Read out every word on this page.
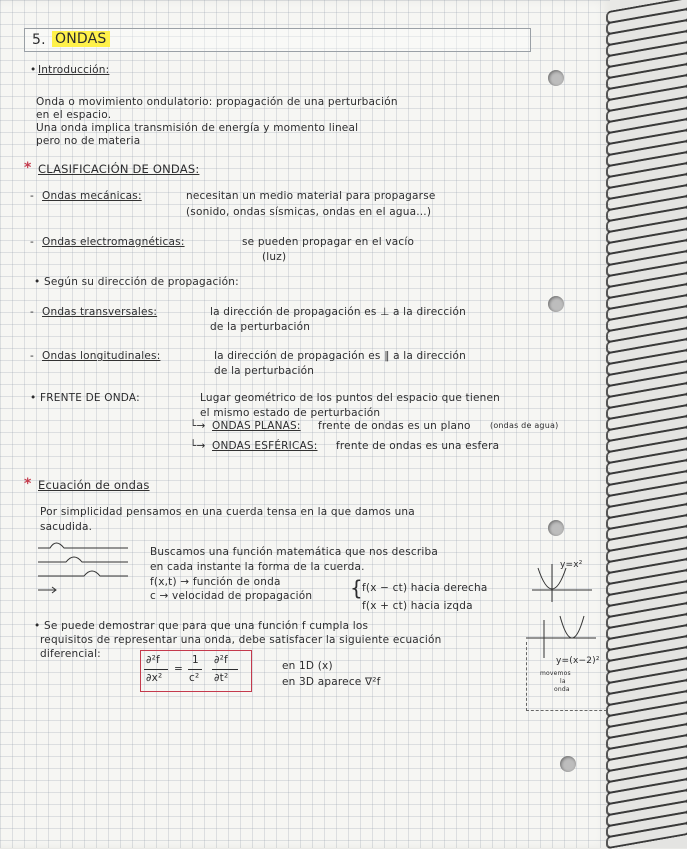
5. ONDAS
• Introducción:
Onda o movimiento ondulatorio: propagación de una perturbación
en el espacio.
Una onda implica transmisión de energía y momento lineal
pero no de materia
* CLASIFICACIÓN DE ONDAS:
- Ondas mecánicas:	necesitan un medio material para propagarse
(sonido, ondas sísmicas, ondas en el agua...)
- Ondas electromagnéticas:	se pueden propagar en el vacío
(luz)
• Según su dirección de propagación:
- Ondas transversales:	la dirección de propagación es ⊥ a la dirección
de la perturbación
- Ondas longitudinales:	la dirección de propagación es ∥ a la dirección
de la perturbación
• FRENTE DE ONDA:	Lugar geométrico de los puntos del espacio que tienen
el mismo estado de perturbación
└→ ONDAS PLANAS: frente de ondas es un plano (ondas de agua)
└→ ONDAS ESFÉRICAS: frente de ondas es una esfera
* Ecuación de ondas
Por simplicidad pensamos en una cuerda tensa en la que damos una
sacudida.
Buscamos una función matemática que nos describa
en cada instante la forma de la cuerda.
f(x,t) → función de onda
c → velocidad de propagación { f(x − ct) hacia derecha
f(x + ct) hacia izqda
y=x²
y=(x−2)²
movemos
la
onda
• Se puede demostrar que para que una función f cumpla los
requisitos de representar una onda, debe satisfacer la siguiente ecuación
diferencial:	∂²f
∂x²
=
1
c²
∂²f
∂t²
en 1D (x)
en 3D aparece ∇²f
